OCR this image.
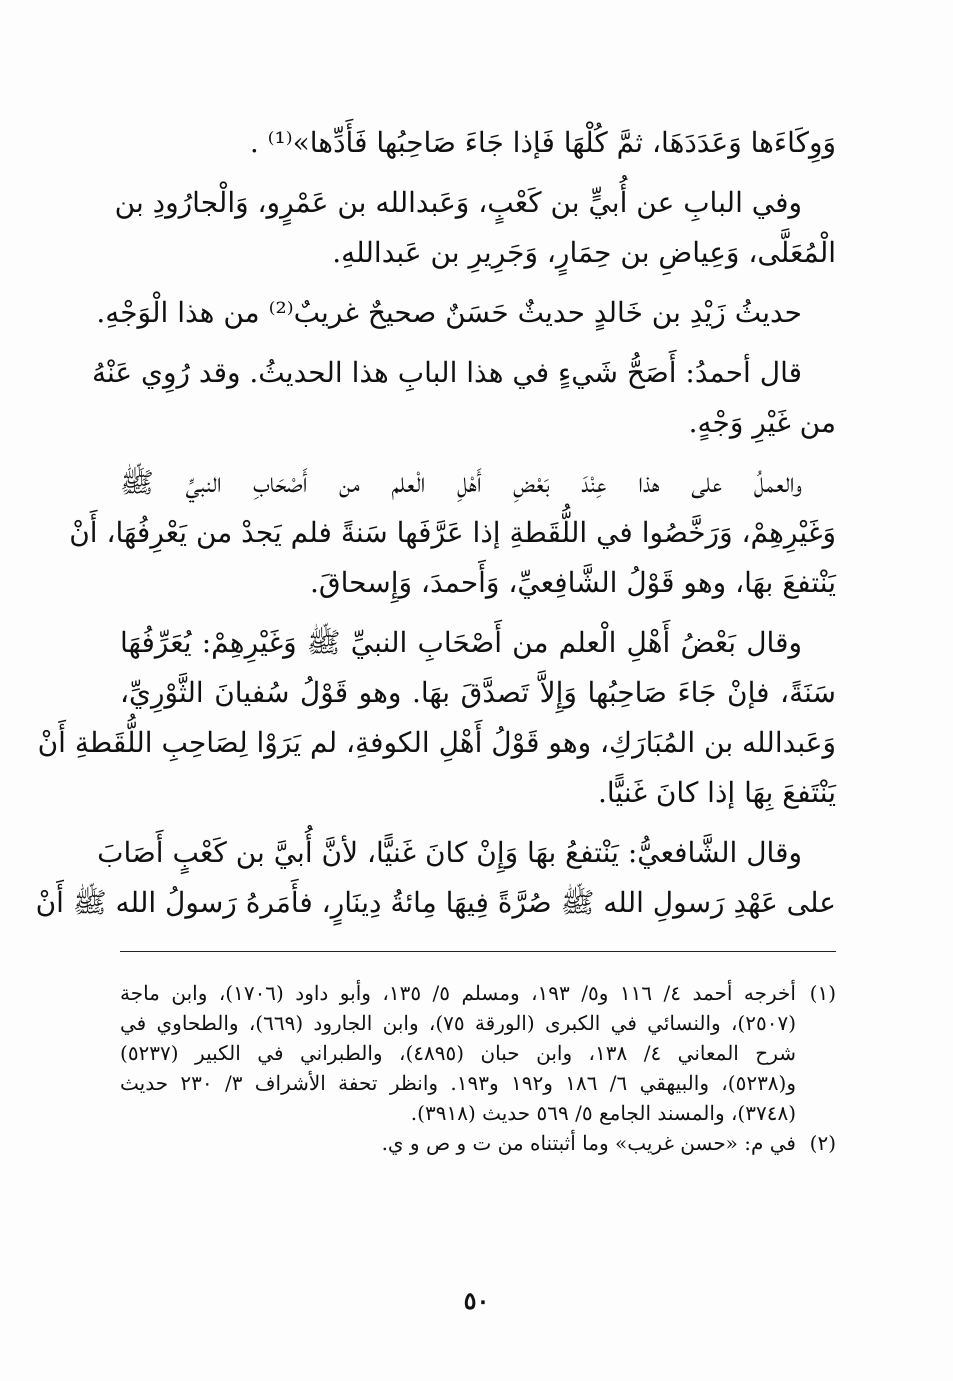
وَوِكَاءَها وَعَدَدَهَا، ثمَّ كُلْهَا فَإذا جَاءَ صَاحِبُها فَأَدِّها»⁽¹⁾ .
وفي البابِ عن أُبيٍّ بن كَعْبٍ، وَعَبدالله بن عَمْرٍو، وَالْجارُودِ بن
الْمُعَلَّى، وَعِياضِ بن حِمَارٍ، وَجَرِيرِ بن عَبداللهِ.
حديثُ زَيْدِ بن خَالدٍ حديثٌ حَسَنٌ صحيحٌ غريبٌ⁽²⁾ من هذا الْوَجْهِ.
قال أحمدُ: أَصَحُّ شَيءٍ في هذا البابِ هذا الحديثُ. وقد رُوِي عَنْهُ
من غَيْرِ وَجْهٍ.
والعملُ على هذا عِنْدَ بَعْضِ أَهْلِ الْعلم من أَصْحَابِ النبيِّ ﷺ
وَغَيْرِهِمْ، وَرَخَّصُوا في اللُّقَطةِ إذا عَرَّفَها سَنةً فلم يَجدْ من يَعْرِفُهَا، أَنْ
يَنْتفعَ بهَا، وهو قَوْلُ الشَّافِعيِّ، وَأَحمدَ، وَإِسحاقَ.
وقال بَعْضُ أَهْلِ الْعلم من أَصْحَابِ النبيِّ ﷺ وَغَيْرِهِمْ: يُعَرِّفُهَا
سَنَةً، فإنْ جَاءَ صَاحِبُها وَإِلاَّ تَصدَّقَ بهَا. وهو قَوْلُ سُفيانَ الثَّوْرِيِّ،
وَعَبدالله بن المُبَارَكِ، وهو قَوْلُ أَهْلِ الكوفةِ، لم يَرَوْا لِصَاحِبِ اللُّقَطةِ أَنْ
يَنْتَفعَ بِهَا إذا كانَ غَنيًّا.
وقال الشَّافعيُّ: يَنْتفعُ بهَا وَإِنْ كانَ غَنيًّا، لأنَّ أُبيَّ بن كَعْبٍ أَصَابَ
على عَهْدِ رَسولِ الله ﷺ صُرَّةً فِيهَا مِائةُ دِينَارٍ، فأَمَرهُ رَسولُ الله ﷺ أَنْ
(١)
أخرجه أحمد ٤/ ١١٦ و٥/ ١٩٣، ومسلم ٥/ ١٣٥، وأبو داود (١٧٠٦)، وابن ماجة
(٢٥٠٧)، والنسائي في الكبرى (الورقة ٧٥)، وابن الجارود (٦٦٩)، والطحاوي في
شرح المعاني ٤/ ١٣٨، وابن حبان (٤٨٩٥)، والطبراني في الكبير (٥٢٣٧)
و(٥٢٣٨)، والبيهقي ٦/ ١٨٦ و١٩٢ و١٩٣. وانظر تحفة الأشراف ٣/ ٢٣٠ حديث
(٣٧٤٨)، والمسند الجامع ٥/ ٥٦٩ حديث (٣٩١٨).
(٢)
في م: «حسن غريب» وما أثبتناه من ت و ص و ي.
٥٠
